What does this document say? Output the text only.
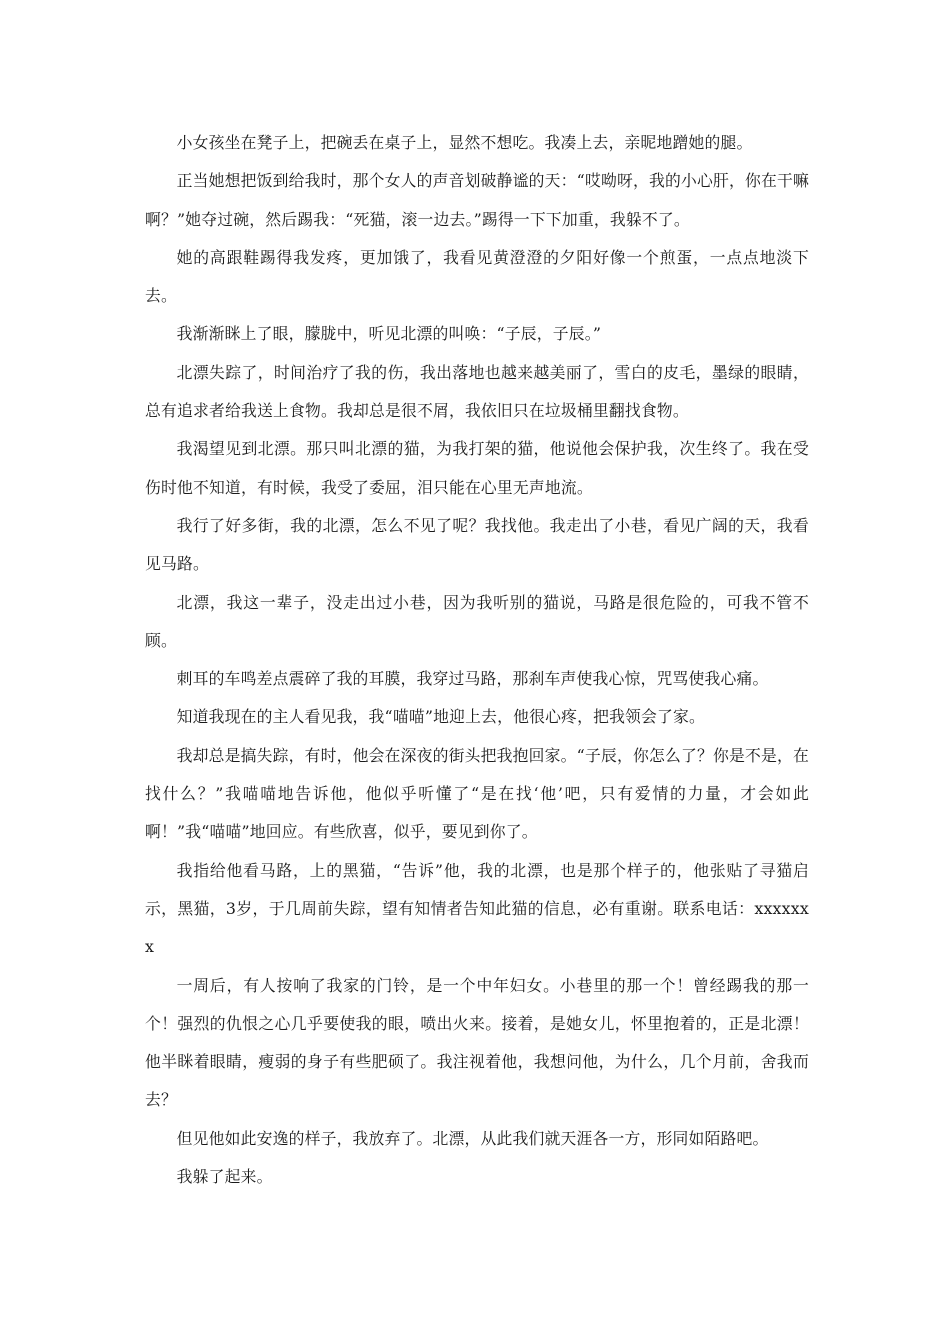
小女孩坐在凳子上，把碗丢在桌子上，显然不想吃。我凑上去，亲昵地蹭她的腿。

正当她想把饭到给我时，那个女人的声音划破静谧的天：“哎呦呀，我的小心肝，你在干嘛啊？”她夺过碗，然后踢我：“死猫，滚一边去。”踢得一下下加重，我躲不了。

她的高跟鞋踢得我发疼，更加饿了，我看见黄澄澄的夕阳好像一个煎蛋，一点点地淡下去。

我渐渐眯上了眼，朦胧中，听见北漂的叫唤：“子辰，子辰。”

北漂失踪了，时间治疗了我的伤，我出落地也越来越美丽了，雪白的皮毛，墨绿的眼睛，总有追求者给我送上食物。我却总是很不屑，我依旧只在垃圾桶里翻找食物。

我渴望见到北漂。那只叫北漂的猫，为我打架的猫，他说他会保护我，次生终了。我在受伤时他不知道，有时候，我受了委屈，泪只能在心里无声地流。

我行了好多街，我的北漂，怎么不见了呢？我找他。我走出了小巷，看见广阔的天，我看见马路。

北漂，我这一辈子，没走出过小巷，因为我听别的猫说，马路是很危险的，可我不管不顾。

刺耳的车鸣差点震碎了我的耳膜，我穿过马路，那刹车声使我心惊，咒骂使我心痛。

知道我现在的主人看见我，我“喵喵”地迎上去，他很心疼，把我领会了家。

我却总是搞失踪，有时，他会在深夜的街头把我抱回家。“子辰，你怎么了？你是不是，在找什么？”我喵喵地告诉他，他似乎听懂了“是在找‘他’吧，只有爱情的力量，才会如此啊！”我“喵喵”地回应。有些欣喜，似乎，要见到你了。

我指给他看马路，上的黑猫，“告诉”他，我的北漂，也是那个样子的，他张贴了寻猫启示，黑猫，3岁，于几周前失踪，望有知情者告知此猫的信息，必有重谢。联系电话：xxxxxxx

一周后，有人按响了我家的门铃，是一个中年妇女。小巷里的那一个！曾经踢我的那一个！强烈的仇恨之心几乎要使我的眼，喷出火来。接着，是她女儿，怀里抱着的，正是北漂！他半眯着眼睛，瘦弱的身子有些肥硕了。我注视着他，我想问他，为什么，几个月前，舍我而去？

但见他如此安逸的样子，我放弃了。北漂，从此我们就天涯各一方，形同如陌路吧。

我躲了起来。
